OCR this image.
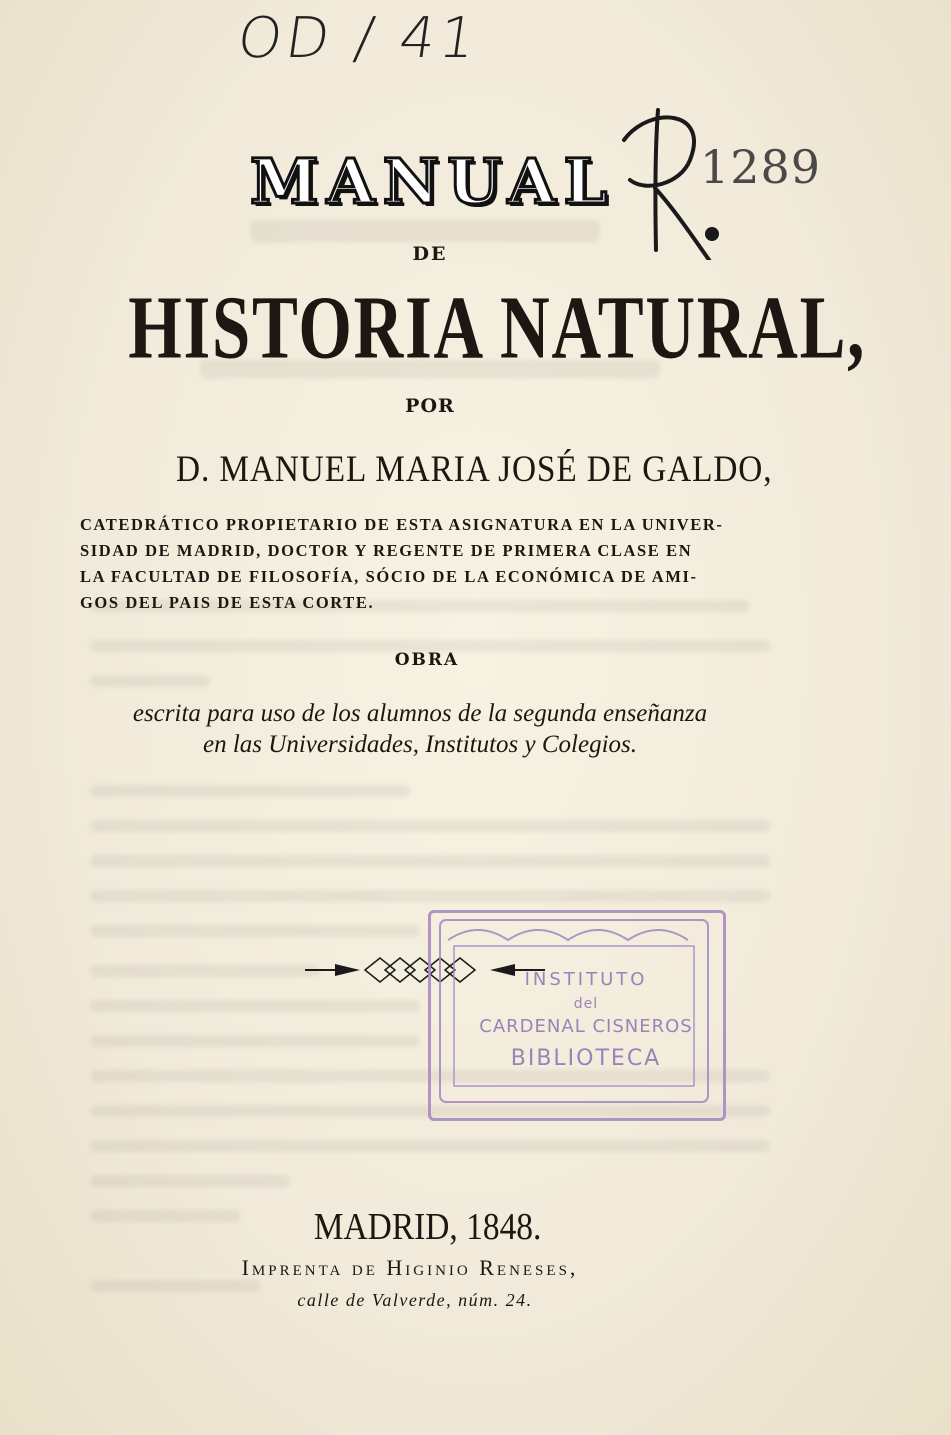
OD / 41
1289
MANUAL
DE
HISTORIA NATURAL,
POR
D. MANUEL MARIA JOSÉ DE GALDO,
CATEDRÁTICO PROPIETARIO DE ESTA ASIGNATURA EN LA UNIVER-
SIDAD DE MADRID, DOCTOR Y REGENTE DE PRIMERA CLASE EN
LA FACULTAD DE FILOSOFÍA, SÓCIO DE LA ECONÓMICA DE AMI-
GOS DEL PAIS DE ESTA CORTE.
OBRA
escrita para uso de los alumnos de la segunda enseñanza
en las Universidades, Institutos y Colegios.
INSTITUTO
del
CARDENAL CISNEROS
BIBLIOTECA
MADRID, 1848.
Imprenta de Higinio Reneses,
calle de Valverde, núm. 24.
